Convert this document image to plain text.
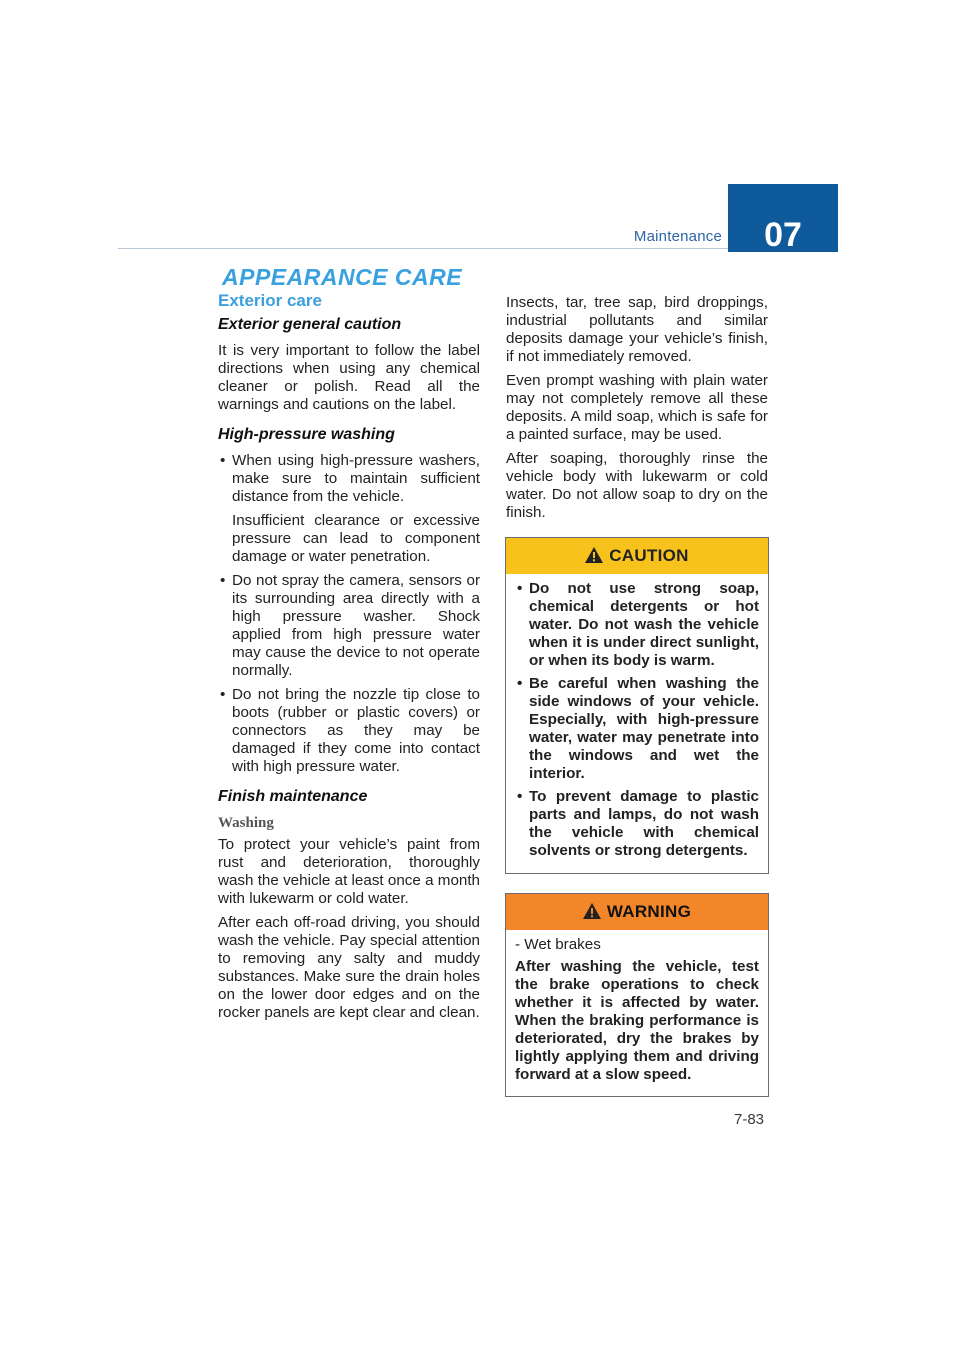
Maintenance	07
APPEARANCE CARE
Exterior care
Exterior general caution

It is very important to follow the label directions when using any chemical cleaner or polish. Read all the warnings and cautions on the label.

High-pressure washing
• When using high-pressure washers, make sure to maintain sufficient distance from the vehicle.
Insufficient clearance or excessive pressure can lead to component damage or water penetration.
• Do not spray the camera, sensors or its surrounding area directly with a high pressure washer. Shock applied from high pressure water may cause the device to not operate normally.
• Do not bring the nozzle tip close to boots (rubber or plastic covers) or connectors as they may be damaged if they come into contact with high pressure water.
Finish maintenance
Washing

To protect your vehicle’s paint from rust and deterioration, thoroughly wash the vehicle at least once a month with lukewarm or cold water.

After each off-road driving, you should wash the vehicle. Pay special attention to removing any salty and muddy substances. Make sure the drain holes on the lower door edges and on the rocker panels are kept clear and clean.

Insects, tar, tree sap, bird droppings, industrial pollutants and similar deposits damage your vehicle’s finish, if not immediately removed.

Even prompt washing with plain water may not completely remove all these deposits. A mild soap, which is safe for a painted surface, may be used.

After soaping, thoroughly rinse the vehicle body with lukewarm or cold water. Do not allow soap to dry on the finish.

CAUTION
• Do not use strong soap, chemical detergents or hot water. Do not wash the vehicle when it is under direct sunlight, or when its body is warm.
• Be careful when washing the side windows of your vehicle. Especially, with high-pressure water, water may penetrate into the windows and wet the interior.
• To prevent damage to plastic parts and lamps, do not wash the vehicle with chemical solvents or strong detergents.
WARNING

- Wet brakes

After washing the vehicle, test the brake operations to check whether it is affected by water. When the braking performance is deteriorated, dry the brakes by lightly applying them and driving forward at a slow speed.

7-83
